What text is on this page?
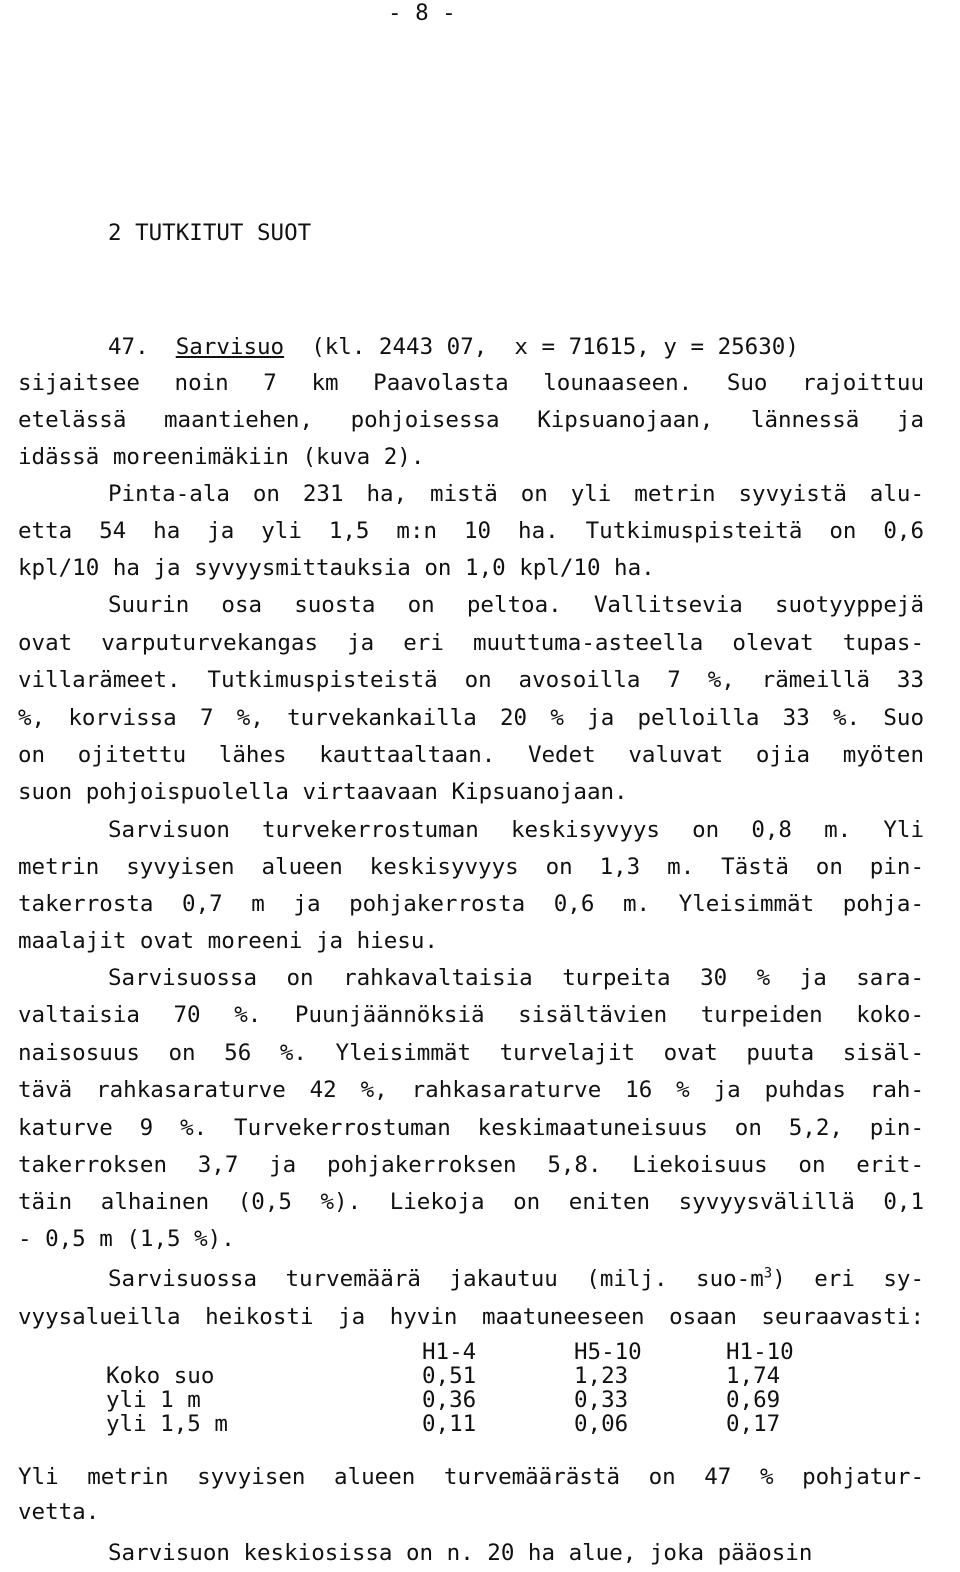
- 8 -
2 TUTKITUT SUOT
47. Sarvisuo (kl. 2443 07,  x = 71615, y = 25630)
sijaitsee noin 7 km Paavolasta lounaaseen. Suo rajoittuu
etelässä maantiehen, pohjoisessa Kipsuanojaan, lännessä ja
idässä moreenimäkiin (kuva 2).
Pinta-ala on 231 ha, mistä on yli metrin syvyistä alu-
etta 54 ha ja yli 1,5 m:n 10 ha. Tutkimuspisteitä on 0,6
kpl/10 ha ja syvyysmittauksia on 1,0 kpl/10 ha.
Suurin osa suosta on peltoa. Vallitsevia suotyyppejä
ovat varputurvekangas ja eri muuttuma-asteella olevat tupas-
villarämeet. Tutkimuspisteistä on avosoilla 7 %, rämeillä 33
%, korvissa 7 %, turvekankailla 20 % ja pelloilla 33 %. Suo
on ojitettu lähes kauttaaltaan. Vedet valuvat ojia myöten
suon pohjoispuolella virtaavaan Kipsuanojaan.
Sarvisuon turvekerrostuman keskisyvyys on 0,8 m. Yli
metrin syvyisen alueen keskisyvyys on 1,3 m. Tästä on pin-
takerrosta 0,7 m ja pohjakerrosta 0,6 m. Yleisimmät pohja-
maalajit ovat moreeni ja hiesu.
Sarvisuossa on rahkavaltaisia turpeita 30 % ja sara-
valtaisia 70 %. Puunjäännöksiä sisältävien turpeiden koko-
naisosuus on 56 %. Yleisimmät turvelajit ovat puuta sisäl-
tävä rahkasaraturve 42 %, rahkasaraturve 16 % ja puhdas rah-
katurve 9 %. Turvekerrostuman keskimaatuneisuus on 5,2, pin-
takerroksen 3,7 ja pohjakerroksen 5,8. Liekoisuus on erit-
täin alhainen (0,5 %). Liekoja on eniten syvyysvälillä 0,1
- 0,5 m (1,5 %).
Sarvisuossa turvemäärä jakautuu (milj. suo-$m^3$) eri sy-
vyysalueilla heikosti ja hyvin maatuneeseen osaan seuraavasti:
	H1-4	H5-10	H1-10
Koko suo	0,51	1,23	1,74
yli 1 m	0,36	0,33	0,69
yli 1,5 m	0,11	0,06	0,17
Yli metrin syvyisen alueen turvemäärästä on 47 % pohjatur-
vetta.
Sarvisuon keskiosissa on n. 20 ha alue, joka pääosin
